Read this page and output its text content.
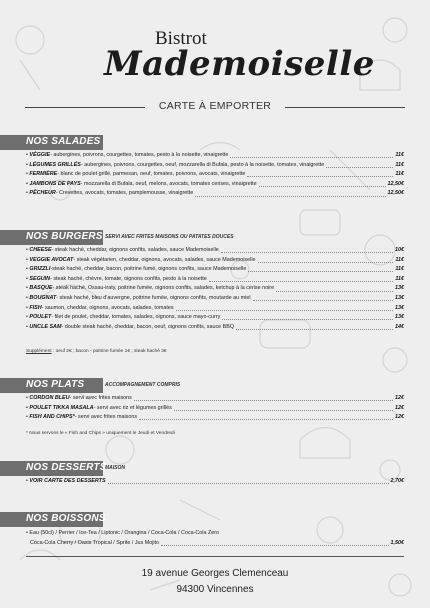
Bistrot
Mademoiselle
CARTE À EMPORTER
NOS SALADES
• VÉGGIE - aubergines, poivrons, courgettes, tomates, pesto à la noisette, vinaigrette	11€
• LÉGUMES GRILLÉS - aubergines, poivrons, courgettes, oeuf, mozzarella di Bufala, pesto à la noisette, tomates, vinaigrette	11€
• FERMIÈRE - blanc de poulet grillé, parmesan, oeuf, tomates, poivrons, avocats, vinaigrette	11€
• JAMBONS DE PAYS - mozzarella di Bufala, oeuf, melons, avocats, tomates cerises, vinaigrette	12,50€
• PÊCHEUR - Crevettes, avocats, tomates, pamplemousse, vinaigrette	12,50€
NOS BURGERS SERVI AVEC FRITES MAISONS OU PATATES DOUCES
• CHEESE - steak haché, cheddar, oignons confits, salades, sauce Mademoiselle	10€
• VEGGIE AVOCAT - steak végétarien, cheddar, oignons, avocats, salades, sauce Mademoiselle	11€
• GRIZZLI -steak haché, cheddar, bacon, poitrine fumé, oignons confits, sauce Mademoiselle	11€
• SEGUIN - steak haché, chèvre, tomate, oignons confits, pesto à la noisette	11€
• BASQUE - steak haché, Ossau-iraty, poitrine fumée, oignons confits, salades, ketchup à la cerise noire	13€
• BOUGNAT - steak haché, bleu d'auvergne, poitrine fumée, oignons confits, moutarde au miel	13€
• FISH - saumon, cheddar, oignons, avocats, salades, tomates	13€
• POULET - filet de poulet, cheddar, tomates, salades, oignons, sauce mayo-curry	13€
• UNCLE SAM - double steak haché, cheddar, bacon, oeuf, oignons confits, sauce BBQ	14€
Supplément : oeuf 2€ ; bacon - poitrine fumée 1€ ; steak haché 3€
NOS PLATS	ACCOMPAGNEMENT COMPRIS
• CORDON BLEU - servi avec frites maisons	12€
• POULET TIKKA MASALA - servi avec riz et légumes grillés	12€
• FISH AND CHIPS* - servi avec frites maisons	12€
* Nous servons le « Fish and Chips » uniquement le Jeudi et Vendredi
NOS DESSERTS
MAISON
• VOIR CARTE DES DESSERTS	2,70€
NOS BOISSONS
• Eau (50cl) / Perrier / Ice-Tea / Liptonic / Orangina / Coca-Cola / Coca-Cola Zero
Coca-Cola Cherry / Oasis Tropical / Sprite / Jus Mojito	1,50€
19 avenue Georges Clemenceau
94300 Vincennes
